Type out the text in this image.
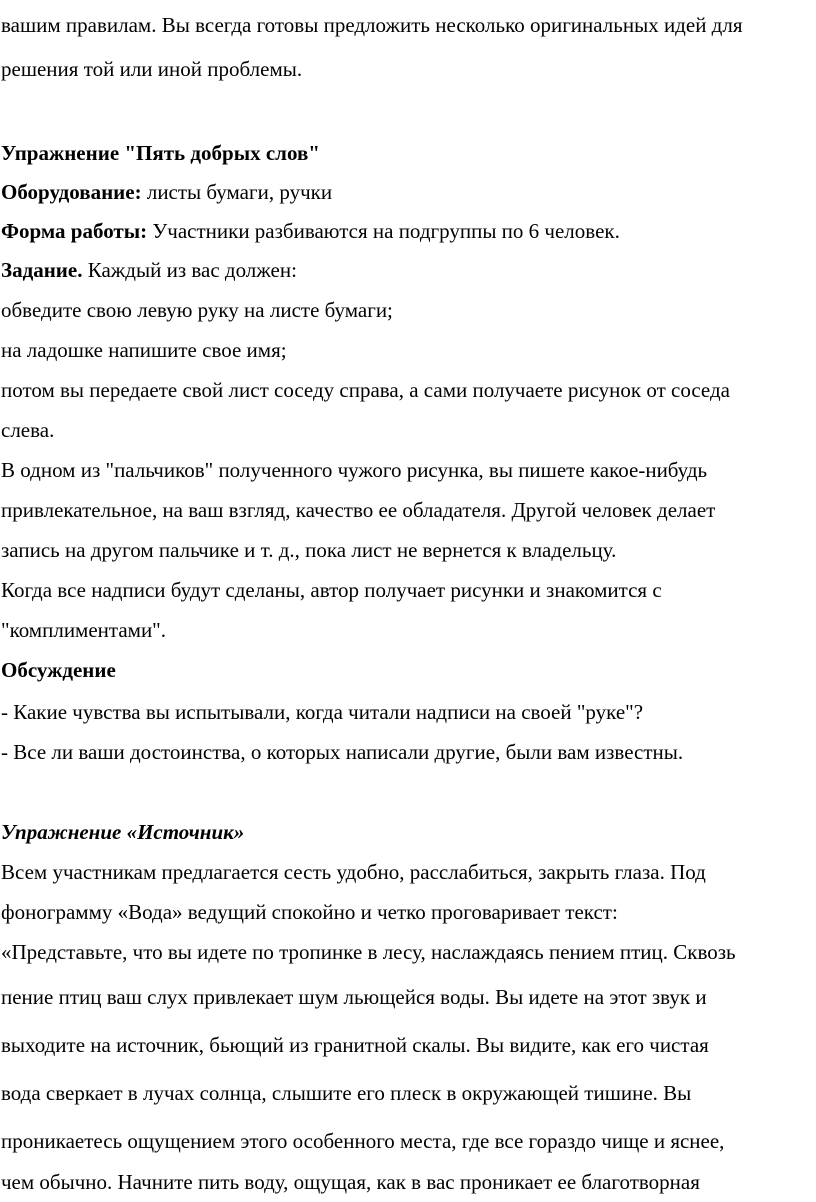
вашим правилам. Вы всегда готовы предложить несколько оригинальных идей для
решения той или иной проблемы.
Упражнение "Пять добрых слов"
Оборудование: листы бумаги, ручки
Форма работы: Участники разбиваются на подгруппы по 6 человек.
Задание. Каждый из вас должен:
обведите свою левую руку на листе бумаги;
на ладошке напишите свое имя;
потом вы передаете свой лист соседу справа, а сами получаете рисунок от соседа
слева.
В одном из "пальчиков" полученного чужого рисунка, вы пишете какое-нибудь
привлекательное, на ваш взгляд, качество ее обладателя. Другой человек делает
запись на другом пальчике и т. д., пока лист не вернется к владельцу.
Когда все надписи будут сделаны, автор получает рисунки и знакомится с
"комплиментами".
Обсуждение
- Какие чувства вы испытывали, когда читали надписи на своей "руке"?
- Все ли ваши достоинства, о которых написали другие, были вам известны.
Упражнение «Источник»
Всем участникам предлагается сесть удобно, расслабиться, закрыть глаза. Под
фонограмму «Вода» ведущий спокойно и четко проговаривает текст:
«Представьте, что вы идете по тропинке в лесу, наслаждаясь пением птиц. Сквозь
пение птиц ваш слух привлекает шум льющейся воды. Вы идете на этот звук и
выходите на источник, бьющий из гранитной скалы. Вы видите, как его чистая
вода сверкает в лучах солнца, слышите его плеск в окружающей тишине. Вы
проникаетесь ощущением этого особенного места, где все гораздо чище и яснее,
чем обычно. Начните пить воду, ощущая, как в вас проникает ее благотворная
